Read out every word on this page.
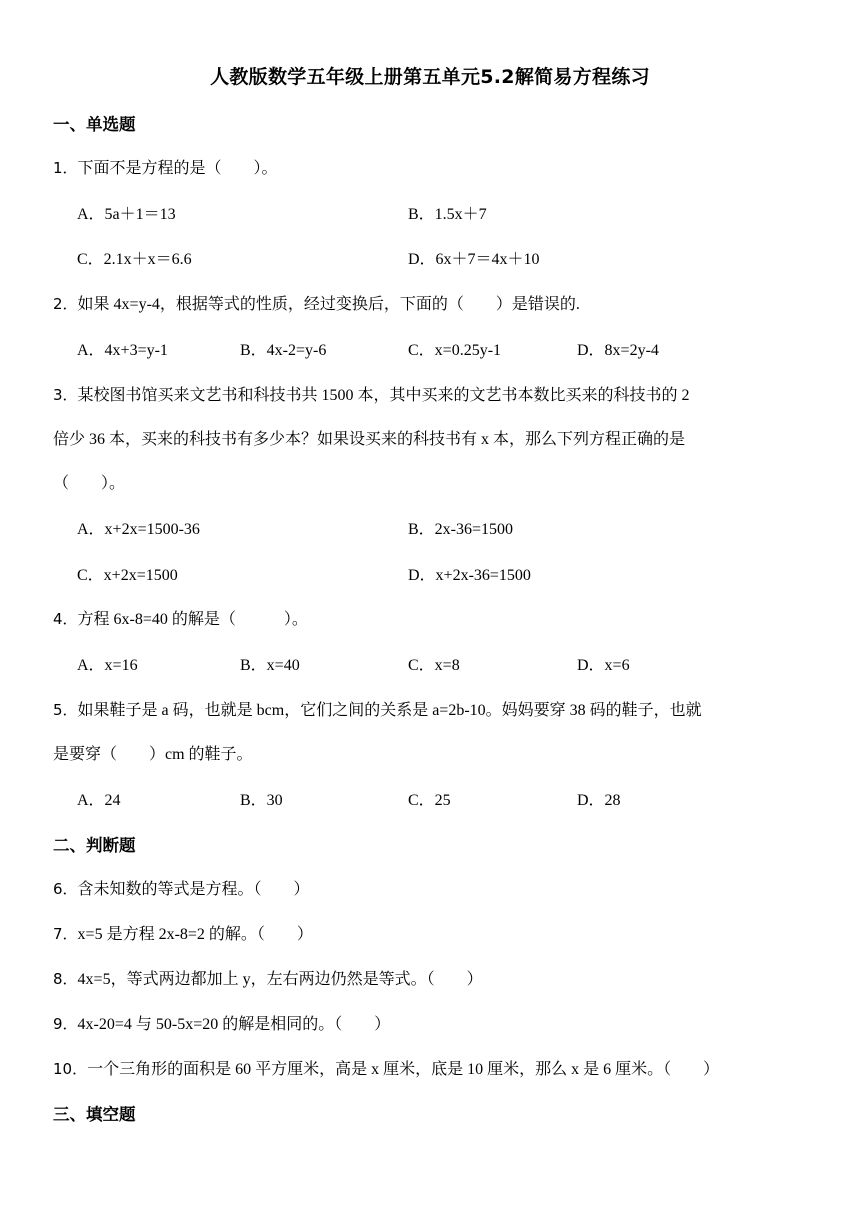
人教版数学五年级上册第五单元5.2解简易方程练习
一、单选题
1．下面不是方程的是（　　）。
A．5a＋1＝13	B．1.5x＋7
C．2.1x＋x＝6.6	D．6x＋7＝4x＋10
2．如果 4x=y-4，根据等式的性质，经过变换后，下面的（　　）是错误的.
A．4x+3=y-1	B．4x-2=y-6	C．x=0.25y-1	D．8x=2y-4
3．某校图书馆买来文艺书和科技书共 1500 本，其中买来的文艺书本数比买来的科技书的 2
倍少 36 本，买来的科技书有多少本？如果设买来的科技书有 x 本，那么下列方程正确的是
（　　）。
A．x+2x=1500-36	B．2x-36=1500
C．x+2x=1500	D．x+2x-36=1500
4．方程 6x-8=40 的解是（　　　）。
A．x=16	B．x=40	C．x=8	D．x=6
5．如果鞋子是 a 码，也就是 bcm，它们之间的关系是 a=2b-10。妈妈要穿 38 码的鞋子，也就
是要穿（　　）cm 的鞋子。
A．24	B．30	C．25	D．28
二、判断题
6．含未知数的等式是方程。（　　）
7．x=5 是方程 2x-8=2 的解。（　　）
8．4x=5，等式两边都加上 y，左右两边仍然是等式。（　　）
9．4x-20=4 与 50-5x=20 的解是相同的。（　　）
10．一个三角形的面积是 60 平方厘米，高是 x 厘米，底是 10 厘米，那么 x 是 6 厘米。（　　）
三、填空题
